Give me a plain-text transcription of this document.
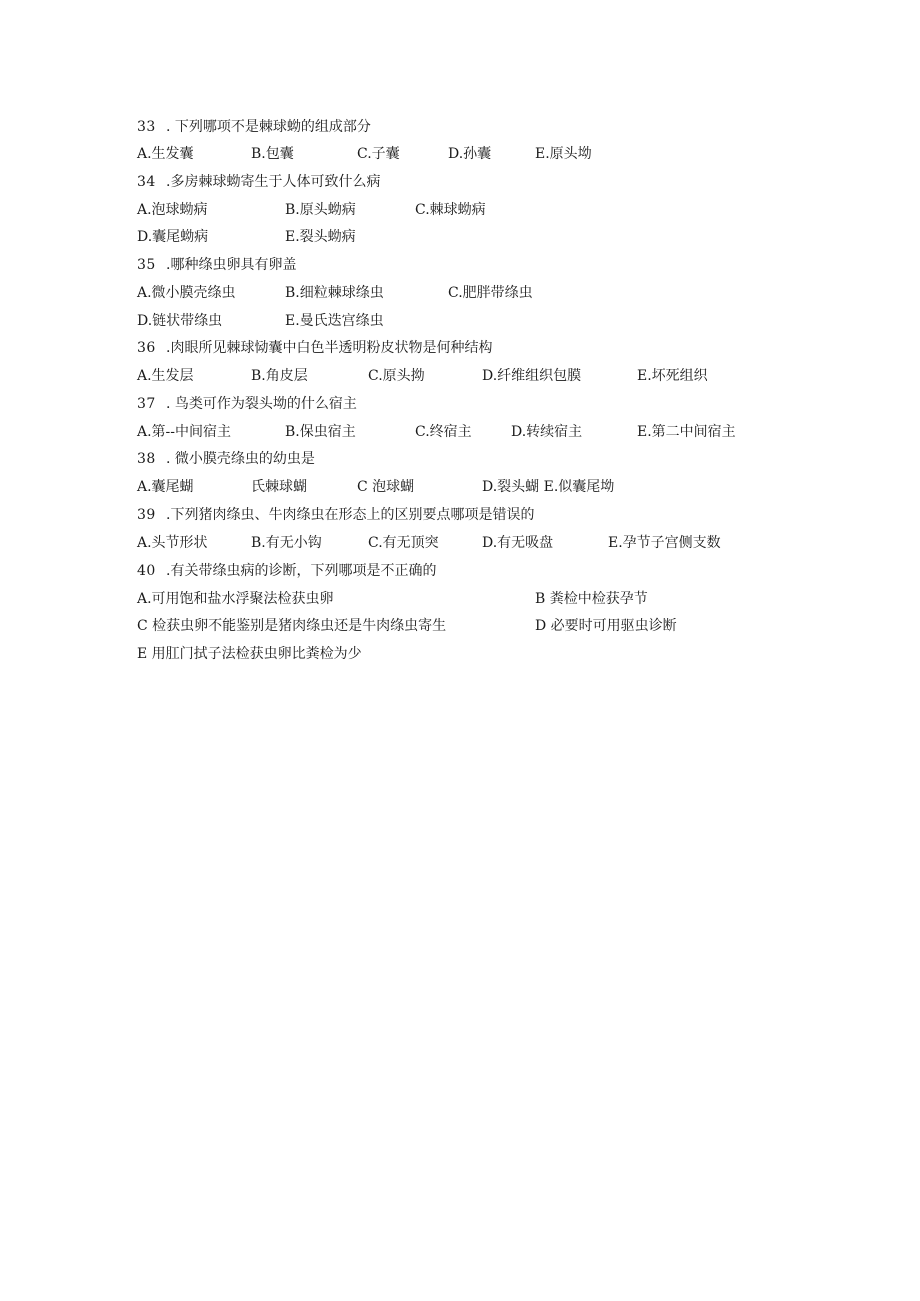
33 . 下列哪项不是棘球蚴的组成部分
A.生发囊	B.包囊	C.子囊	D.孙囊	E.原头坳
34 .多房棘球蚴寄生于人体可致什么病
A.泡球蚴病	B.原头蚴病	C.棘球蚴病
D.囊尾蚴病	E.裂头蚴病
35 .哪种绦虫卵具有卵盖
A.微小膜壳绦虫	B.细粒棘球绦虫	C.肥胖带绦虫
D.链状带绦虫	E.曼氏迭宫绦虫
36 .肉眼所见棘球恸囊中白色半透明粉皮状物是何种结构
A.生发层	B.角皮层	C.原头拗	D.纤维组织包膜	E.坏死组织
37 . 鸟类可作为裂头坳的什么宿主
A.第--中间宿主	B.保虫宿主	C.终宿主	D.转续宿主	E.第二中间宿主
38 . 微小膜壳绦虫的幼虫是
A.囊尾蝴	氏棘球蝴	C 泡球蝴	D.裂头蝴 E.似囊尾坳
39 .下列猪肉绦虫、牛肉绦虫在形态上的区别要点哪项是错误的
A.头节形状	B.有无小钩	C.有无顶突	D.有无吸盘	E.孕节子宫侧支数
40 .有关带绦虫病的诊断，下列哪项是不正确的
A.可用饱和盐水浮聚法检获虫卵	B 粪检中检获孕节
C 检获虫卵不能鉴别是猪肉绦虫还是牛肉绦虫寄生	D 必要时可用驱虫诊断
E 用肛门拭子法检获虫卵比粪检为少
